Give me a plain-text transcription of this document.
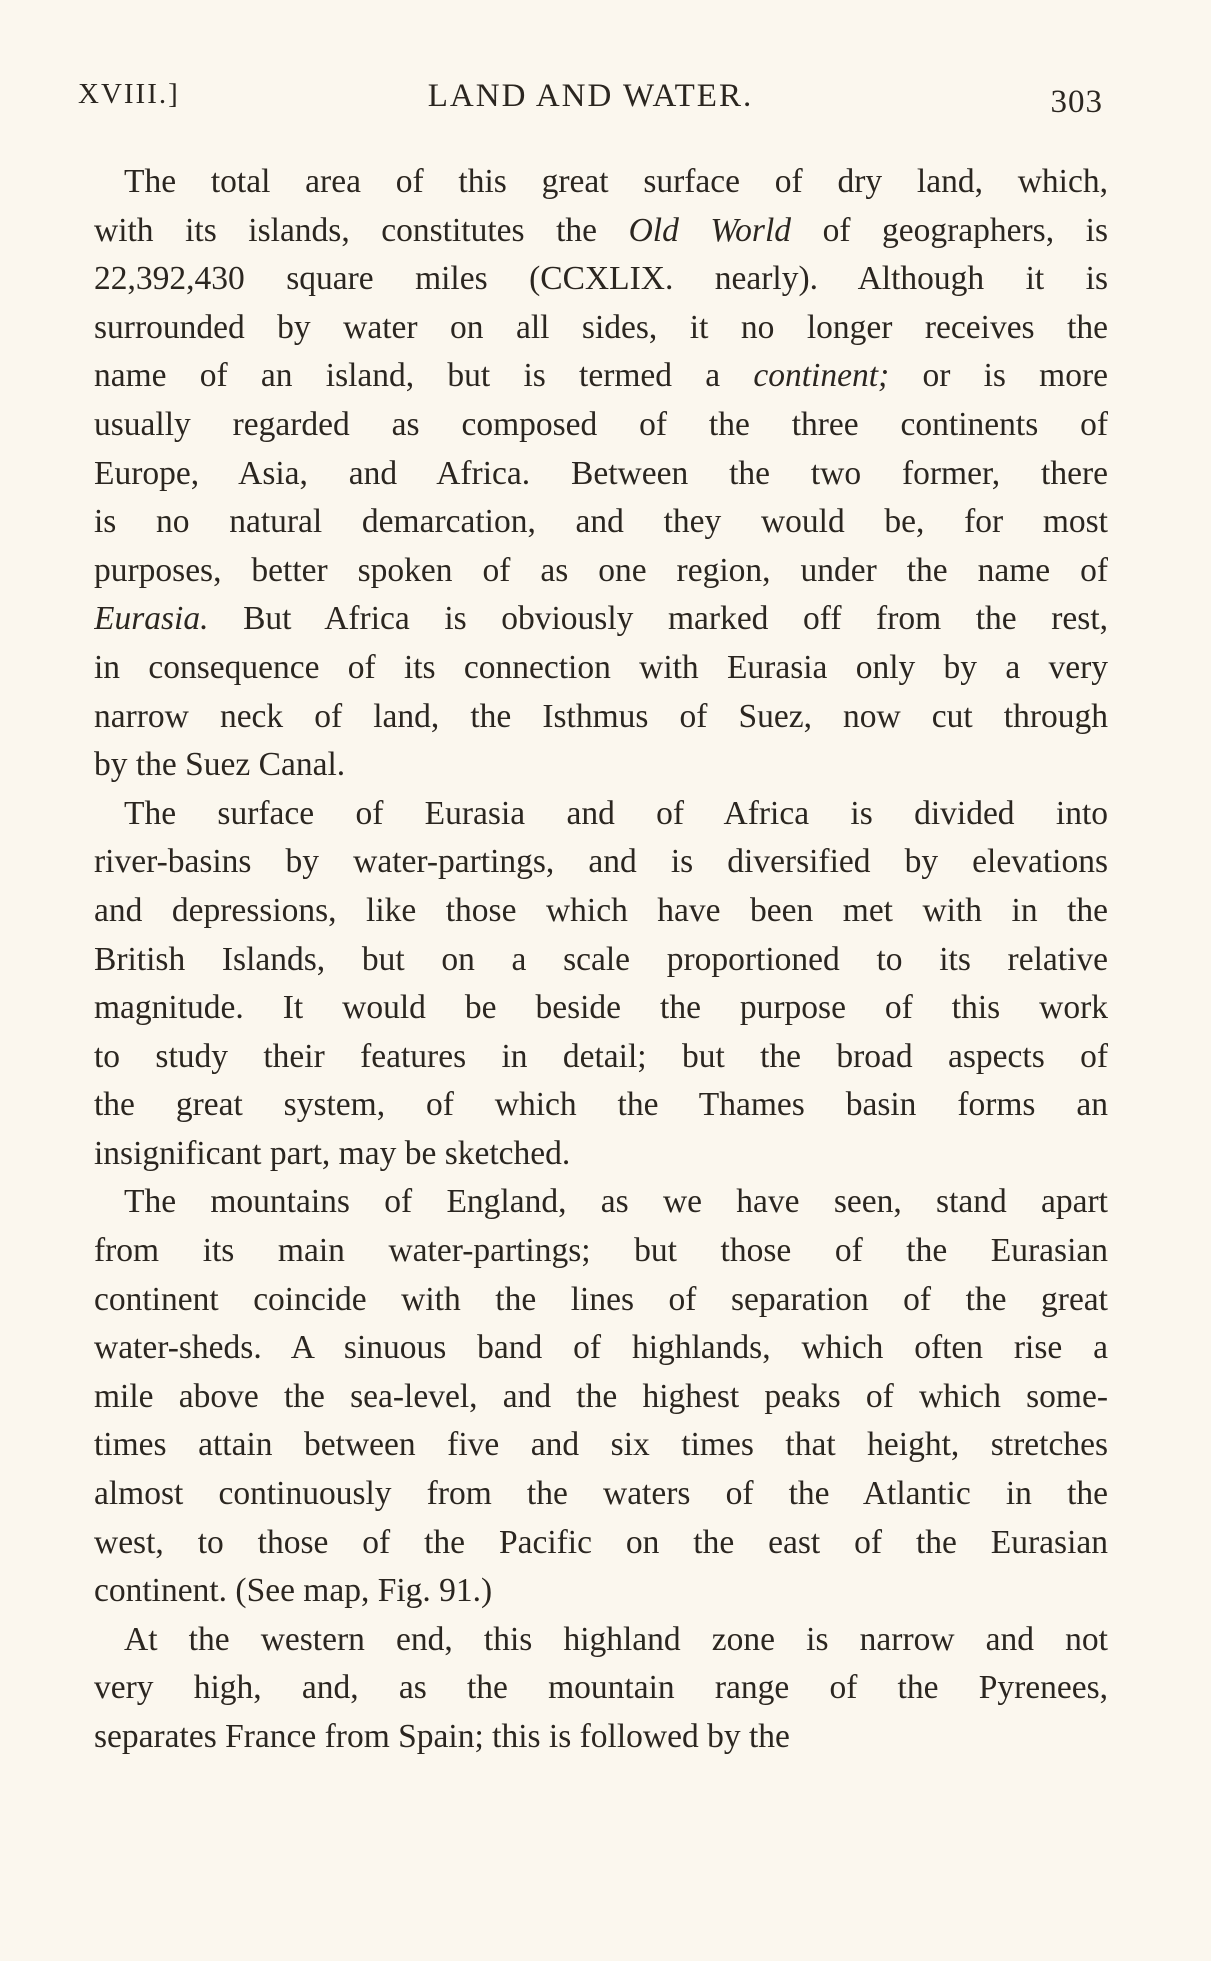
XVIII.]	LAND AND WATER.	303
The total area of this great surface of dry land, which,
with its islands, constitutes the Old World of geographers, is
22,392,430 square miles (CCXLIX. nearly). Although it is
surrounded by water on all sides, it no longer receives the
name of an island, but is termed a continent; or is more
usually regarded as composed of the three continents of
Europe, Asia, and Africa. Between the two former, there
is no natural demarcation, and they would be, for most
purposes, better spoken of as one region, under the name of
Eurasia. But Africa is obviously marked off from the rest,
in consequence of its connection with Eurasia only by a very
narrow neck of land, the Isthmus of Suez, now cut through
by the Suez Canal.
The surface of Eurasia and of Africa is divided into
river-basins by water-partings, and is diversified by elevations
and depressions, like those which have been met with in the
British Islands, but on a scale proportioned to its relative
magnitude. It would be beside the purpose of this work
to study their features in detail; but the broad aspects of
the great system, of which the Thames basin forms an
insignificant part, may be sketched.
The mountains of England, as we have seen, stand apart
from its main water-partings; but those of the Eurasian
continent coincide with the lines of separation of the great
water-sheds. A sinuous band of highlands, which often rise a
mile above the sea-level, and the highest peaks of which some-
times attain between five and six times that height, stretches
almost continuously from the waters of the Atlantic in the
west, to those of the Pacific on the east of the Eurasian
continent. (See map, Fig. 91.)
At the western end, this highland zone is narrow and not
very high, and, as the mountain range of the Pyrenees,
separates France from Spain; this is followed by the
